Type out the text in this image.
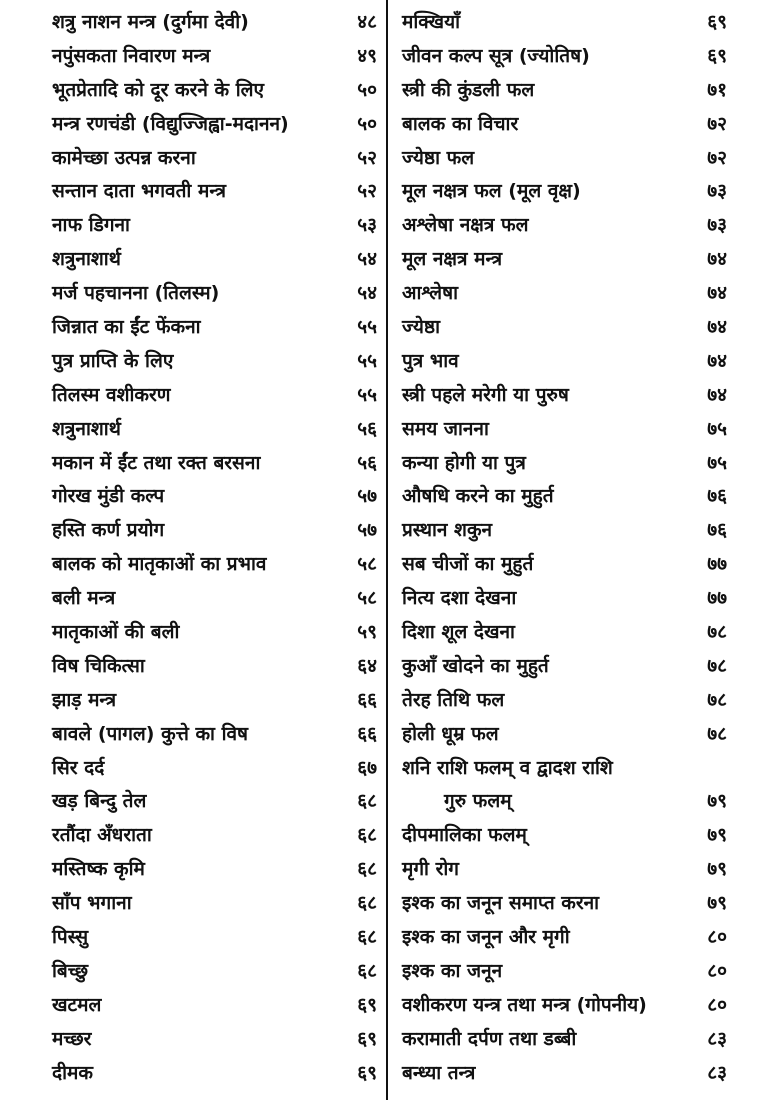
शत्रु नाशन मन्त्र (दुर्गमा देवी)	४८
नपुंसकता निवारण मन्त्र	४९
भूतप्रेतादि को दूर करने के लिए	५०
मन्त्र रणचंडी (विद्युज्जिह्वा-मदानन)	५०
कामेच्छा उत्पन्न करना	५२
सन्तान दाता भगवती मन्त्र	५२
नाफ डिगना	५३
शत्रुनाशार्थ	५४
मर्ज पहचानना (तिलस्म)	५४
जिन्नात का ईंट फेंकना	५५
पुत्र प्राप्ति के लिए	५५
तिलस्म वशीकरण	५५
शत्रुनाशार्थ	५६
मकान में ईंट तथा रक्त बरसना	५६
गोरख मुंडी कल्प	५७
हस्ति कर्ण प्रयोग	५७
बालक को मातृकाओं का प्रभाव	५८
बली मन्त्र	५८
मातृकाओं की बली	५९
विष चिकित्सा	६४
झाड़ मन्त्र	६६
बावले (पागल) कुत्ते का विष	६६
सिर दर्द	६७
खड़ बिन्दु तेल	६८
रतौंदा अँधराता	६८
मस्तिष्क कृमि	६८
साँप भगाना	६८
पिस्सु	६८
बिच्छु	६८
खटमल	६९
मच्छर	६९
दीमक	६९
मक्खियाँ	६९
जीवन कल्प सूत्र (ज्योतिष)	६९
स्त्री की कुंडली फल	७१
बालक का विचार	७२
ज्येष्ठा फल	७२
मूल नक्षत्र फल (मूल वृक्ष)	७३
अश्लेषा नक्षत्र फल	७३
मूल नक्षत्र मन्त्र	७४
आश्लेषा	७४
ज्येष्ठा	७४
पुत्र भाव	७४
स्त्री पहले मरेगी या पुरुष	७४
समय जानना	७५
कन्या होगी या पुत्र	७५
औषधि करने का मुहुर्त	७६
प्रस्थान शकुन	७६
सब चीजों का मुहुर्त	७७
नित्य दशा देखना	७७
दिशा शूल देखना	७८
कुआँ खोदने का मुहुर्त	७८
तेरह तिथि फल	७८
होली धूम्र फल	७८
शनि राशि फलम् व द्वादश राशि
गुरु फलम्	७९
दीपमालिका फलम्	७९
मृगी रोग	७९
इश्क का जनून समाप्त करना	७९
इश्क का जनून और मृगी	८०
इश्क का जनून	८०
वशीकरण यन्त्र तथा मन्त्र (गोपनीय)	८०
करामाती दर्पण तथा डब्बी	८३
बन्ध्या तन्त्र	८३
